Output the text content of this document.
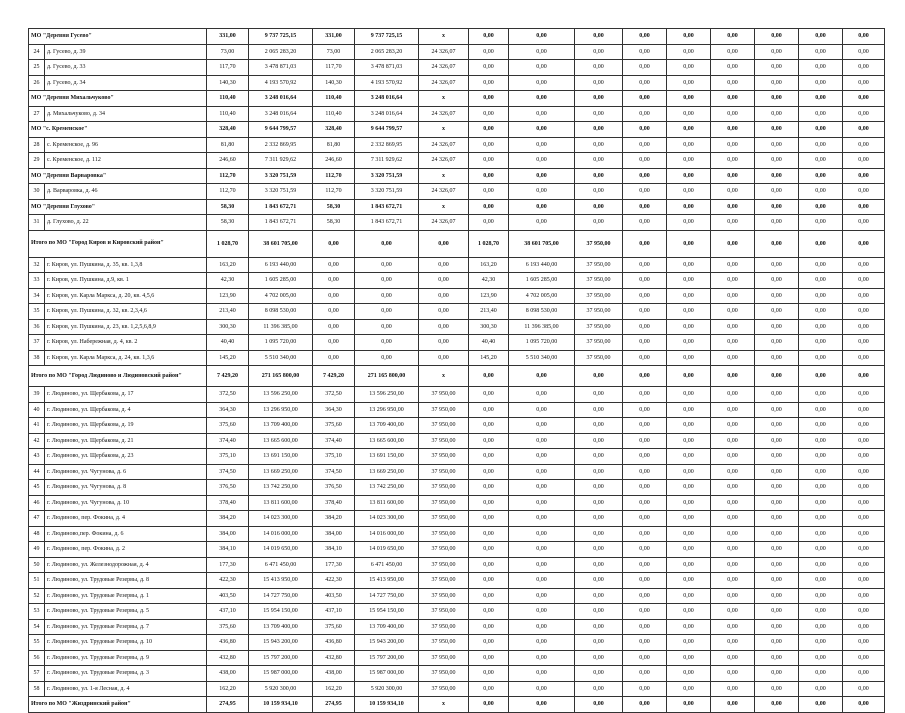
МО "Деревня Гусево"		331,00	9 737 725,15	331,00	9 737 725,15	x	0,00	0,00	0,00	0,00	0,00	0,00	0,00	0,00	0,00
24	д. Гусево, д. 39	73,00	2 065 283,20	73,00	2 065 283,20	24 326,07	0,00	0,00	0,00	0,00	0,00	0,00	0,00	0,00	0,00
25	д. Гусево, д. 33	117,70	3 478 871,03	117,70	3 478 871,03	24 326,07	0,00	0,00	0,00	0,00	0,00	0,00	0,00	0,00	0,00
26	д. Гусево, д. 34	140,30	4 193 570,92	140,30	4 193 570,92	24 326,07	0,00	0,00	0,00	0,00	0,00	0,00	0,00	0,00	0,00
МО "Деревня Михальчуково"		110,40	3 248 016,64	110,40	3 248 016,64	x	0,00	0,00	0,00	0,00	0,00	0,00	0,00	0,00	0,00
27	д. Михальчуково, д. 34	110,40	3 248 016,64	110,40	3 248 016,64	24 326,07	0,00	0,00	0,00	0,00	0,00	0,00	0,00	0,00	0,00
МО "с. Кременское"		328,40	9 644 799,57	328,40	9 644 799,57	x	0,00	0,00	0,00	0,00	0,00	0,00	0,00	0,00	0,00
28	с. Кременское, д. 96	81,80	2 332 869,95	81,80	2 332 869,95	24 326,07	0,00	0,00	0,00	0,00	0,00	0,00	0,00	0,00	0,00
29	с. Кременское, д. 112	246,60	7 311 929,62	246,60	7 311 929,62	24 326,07	0,00	0,00	0,00	0,00	0,00	0,00	0,00	0,00	0,00
МО "Деревня Варваровка"		112,70	3 320 751,59	112,70	3 320 751,59	x	0,00	0,00	0,00	0,00	0,00	0,00	0,00	0,00	0,00
30	д. Варваровка, д. 46	112,70	3 320 751,59	112,70	3 320 751,59	24 326,07	0,00	0,00	0,00	0,00	0,00	0,00	0,00	0,00	0,00
МО "Деревня Глухово"		58,30	1 843 672,71	58,30	1 843 672,71	x	0,00	0,00	0,00	0,00	0,00	0,00	0,00	0,00	0,00
31	д. Глухово, д. 22	58,30	1 843 672,71	58,30	1 843 672,71	24 326,07	0,00	0,00	0,00	0,00	0,00	0,00	0,00	0,00	0,00
Итого по МО "Город Киров и Кировский район"		1 028,70	38 601 705,00	0,00	0,00	0,00	1 028,70	38 601 705,00	37 950,00	0,00	0,00	0,00	0,00	0,00	0,00
32	г. Киров, ул. Пушкина, д. 35, кв. 1,3,8	163,20	6 193 440,00	0,00	0,00	0,00	163,20	6 193 440,00	37 950,00	0,00	0,00	0,00	0,00	0,00	0,00
33	г. Киров, ул. Пушкина, д.9, кв. 1	42,30	1 605 285,00	0,00	0,00	0,00	42,30	1 605 285,00	37 950,00	0,00	0,00	0,00	0,00	0,00	0,00
34	г. Киров, ул. Карла Маркса, д. 20, кв. 4,5,6	123,90	4 702 005,00	0,00	0,00	0,00	123,90	4 702 005,00	37 950,00	0,00	0,00	0,00	0,00	0,00	0,00
35	г. Киров, ул. Пушкина, д. 32, кв. 2,3,4,6	213,40	8 098 530,00	0,00	0,00	0,00	213,40	8 098 530,00	37 950,00	0,00	0,00	0,00	0,00	0,00	0,00
36	г. Киров, ул. Пушкина, д. 23, кв. 1,2,5,6,8,9	300,30	11 396 385,00	0,00	0,00	0,00	300,30	11 396 385,00	37 950,00	0,00	0,00	0,00	0,00	0,00	0,00
37	г. Киров, ул. Набережная, д. 4, кв. 2	40,40	1 095 720,00	0,00	0,00	0,00	40,40	1 095 720,00	37 950,00	0,00	0,00	0,00	0,00	0,00	0,00
38	г. Киров, ул. Карла Маркса, д. 24, кв. 1,3,6	145,20	5 510 340,00	0,00	0,00	0,00	145,20	5 510 340,00	37 950,00	0,00	0,00	0,00	0,00	0,00	0,00
Итого по МО "Город Людиново и Людиновский район"		7 429,20	271 165 800,00	7 429,20	271 165 800,00	x	0,00	0,00	0,00	0,00	0,00	0,00	0,00	0,00	0,00
39	г. Людиново, ул. Щербакова, д. 17	372,50	13 596 250,00	372,50	13 596 250,00	37 950,00	0,00	0,00	0,00	0,00	0,00	0,00	0,00	0,00	0,00
40	г. Людиново, ул. Щербакова, д. 4	364,30	13 296 950,00	364,30	13 296 950,00	37 950,00	0,00	0,00	0,00	0,00	0,00	0,00	0,00	0,00	0,00
41	г. Людиново, ул. Щербакова, д. 19	375,60	13 709 400,00	375,60	13 709 400,00	37 950,00	0,00	0,00	0,00	0,00	0,00	0,00	0,00	0,00	0,00
42	г. Людиново, ул. Щербакова, д. 21	374,40	13 665 600,00	374,40	13 665 600,00	37 950,00	0,00	0,00	0,00	0,00	0,00	0,00	0,00	0,00	0,00
43	г. Людиново, ул. Щербакова, д. 23	375,10	13 691 150,00	375,10	13 691 150,00	37 950,00	0,00	0,00	0,00	0,00	0,00	0,00	0,00	0,00	0,00
44	г. Людиново, ул. Чугунова, д. 6	374,50	13 669 250,00	374,50	13 669 250,00	37 950,00	0,00	0,00	0,00	0,00	0,00	0,00	0,00	0,00	0,00
45	г. Людиново, ул. Чугунова, д. 8	376,50	13 742 250,00	376,50	13 742 250,00	37 950,00	0,00	0,00	0,00	0,00	0,00	0,00	0,00	0,00	0,00
46	г. Людиново, ул. Чугунова, д. 10	378,40	13 811 600,00	378,40	13 811 600,00	37 950,00	0,00	0,00	0,00	0,00	0,00	0,00	0,00	0,00	0,00
47	г. Людиново, пер. Фокина, д. 4	384,20	14 023 300,00	384,20	14 023 300,00	37 950,00	0,00	0,00	0,00	0,00	0,00	0,00	0,00	0,00	0,00
48	г. Людиново,пер. Фокина, д. 6	384,00	14 016 000,00	384,00	14 016 000,00	37 950,00	0,00	0,00	0,00	0,00	0,00	0,00	0,00	0,00	0,00
49	г. Людиново, пер. Фокина, д. 2	384,10	14 019 650,00	384,10	14 019 650,00	37 950,00	0,00	0,00	0,00	0,00	0,00	0,00	0,00	0,00	0,00
50	г. Людиново, ул. Железнодорожная, д. 4	177,30	6 471 450,00	177,30	6 471 450,00	37 950,00	0,00	0,00	0,00	0,00	0,00	0,00	0,00	0,00	0,00
51	г. Людиново, ул. Трудовые Резервы, д. 8	422,30	15 413 950,00	422,30	15 413 950,00	37 950,00	0,00	0,00	0,00	0,00	0,00	0,00	0,00	0,00	0,00
52	г. Людиново, ул. Трудовые Резервы, д. 1	403,50	14 727 750,00	403,50	14 727 750,00	37 950,00	0,00	0,00	0,00	0,00	0,00	0,00	0,00	0,00	0,00
53	г. Людиново, ул. Трудовые Резервы, д. 5	437,10	15 954 150,00	437,10	15 954 150,00	37 950,00	0,00	0,00	0,00	0,00	0,00	0,00	0,00	0,00	0,00
54	г. Людиново, ул. Трудовые Резервы, д. 7	375,60	13 709 400,00	375,60	13 709 400,00	37 950,00	0,00	0,00	0,00	0,00	0,00	0,00	0,00	0,00	0,00
55	г. Людиново, ул. Трудовые Резервы, д. 10	436,80	15 943 200,00	436,80	15 943 200,00	37 950,00	0,00	0,00	0,00	0,00	0,00	0,00	0,00	0,00	0,00
56	г. Людиново, ул. Трудовые Резервы, д. 9	432,80	15 797 200,00	432,80	15 797 200,00	37 950,00	0,00	0,00	0,00	0,00	0,00	0,00	0,00	0,00	0,00
57	г. Людиново, ул. Трудовые Резервы, д. 3	438,00	15 987 000,00	438,00	15 987 000,00	37 950,00	0,00	0,00	0,00	0,00	0,00	0,00	0,00	0,00	0,00
58	г. Людиново, ул. 1-я Лесная, д. 4	162,20	5 920 300,00	162,20	5 920 300,00	37 950,00	0,00	0,00	0,00	0,00	0,00	0,00	0,00	0,00	0,00
Итого по МО "Жиздринский район"		274,95	10 159 934,10	274,95	10 159 934,10	x	0,00	0,00	0,00	0,00	0,00	0,00	0,00	0,00	0,00
